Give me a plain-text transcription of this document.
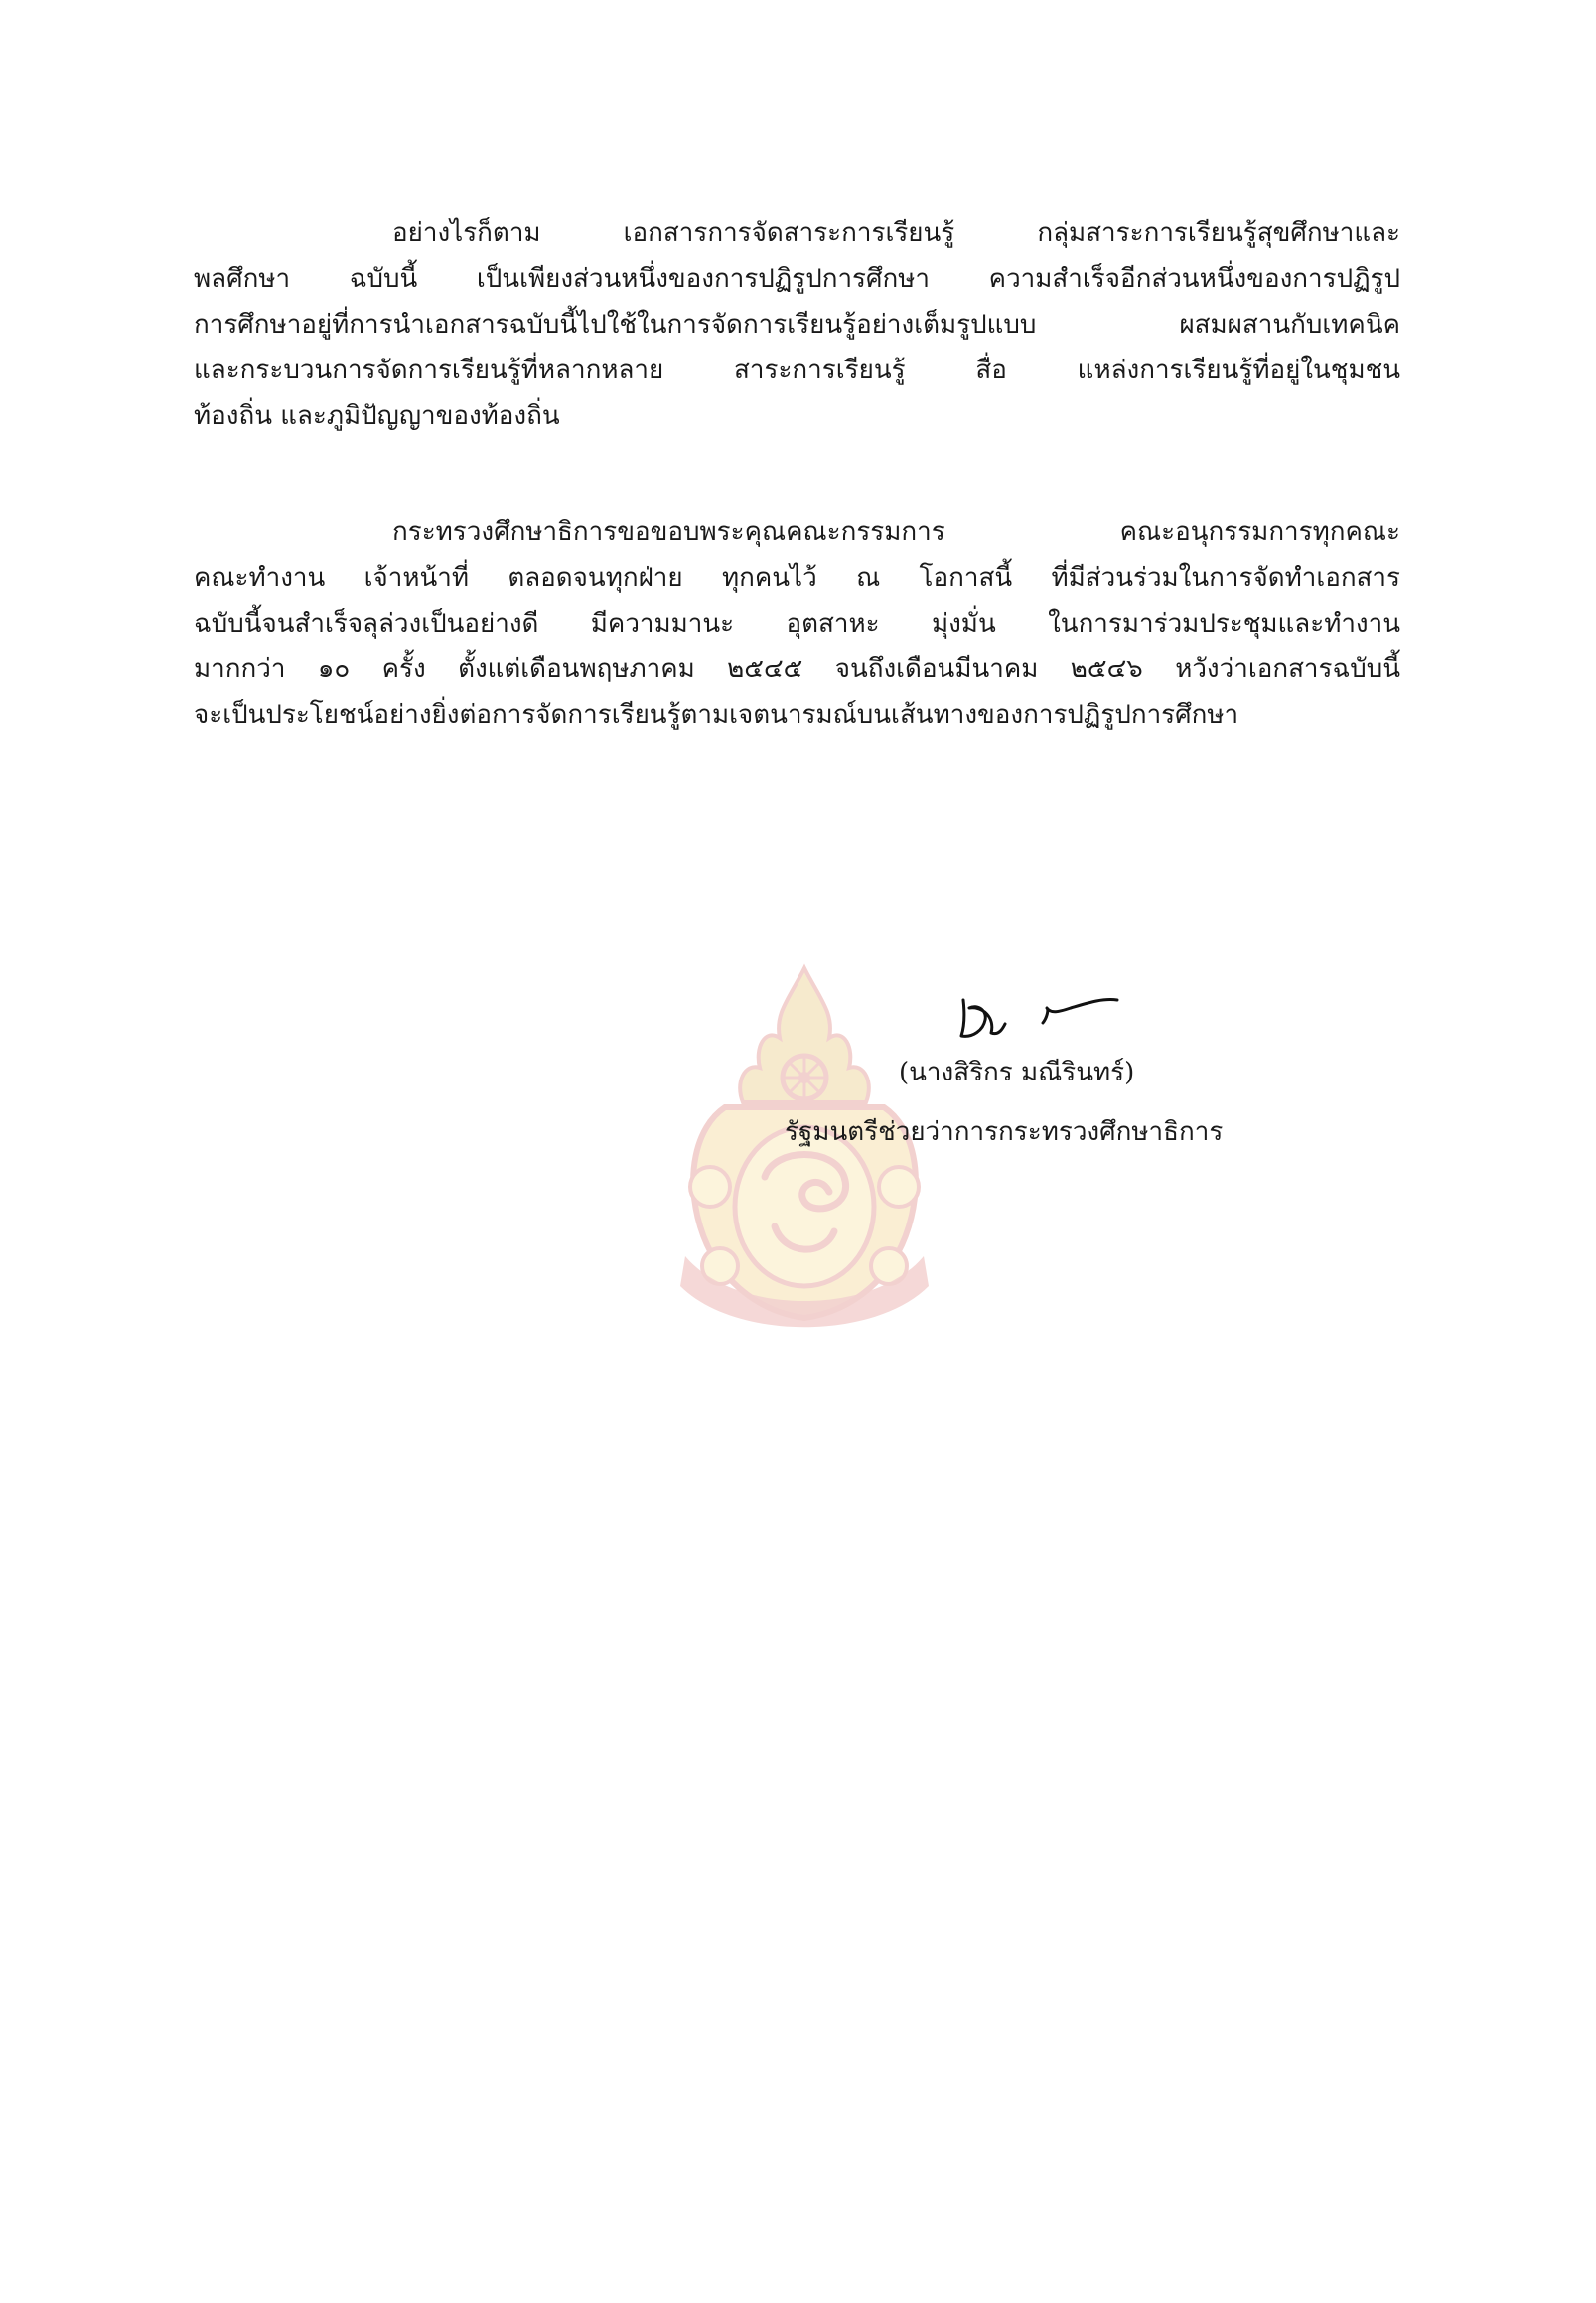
อย่างไรก็ตาม เอกสารการจัดสาระการเรียนรู้ กลุ่มสาระการเรียนรู้สุขศึกษาและ
พลศึกษา ฉบับนี้ เป็นเพียงส่วนหนึ่งของการปฏิรูปการศึกษา ความสำเร็จอีกส่วนหนึ่งของการปฏิรูป
การศึกษาอยู่ที่การนำเอกสารฉบับนี้ไปใช้ในการจัดการเรียนรู้อย่างเต็มรูปแบบ ผสมผสานกับเทคนิค
และกระบวนการจัดการเรียนรู้ที่หลากหลาย สาระการเรียนรู้ สื่อ แหล่งการเรียนรู้ที่อยู่ในชุมชน
ท้องถิ่น และภูมิปัญญาของท้องถิ่น
กระทรวงศึกษาธิการขอขอบพระคุณคณะกรรมการ คณะอนุกรรมการทุกคณะ
คณะทำงาน เจ้าหน้าที่ ตลอดจนทุกฝ่าย ทุกคนไว้ ณ โอกาสนี้ ที่มีส่วนร่วมในการจัดทำเอกสาร
ฉบับนี้จนสำเร็จลุล่วงเป็นอย่างดี มีความมานะ อุตสาหะ มุ่งมั่น ในการมาร่วมประชุมและทำงาน
มากกว่า ๑๐ ครั้ง ตั้งแต่เดือนพฤษภาคม ๒๕๔๕ จนถึงเดือนมีนาคม ๒๕๔๖ หวังว่าเอกสารฉบับนี้
จะเป็นประโยชน์อย่างยิ่งต่อการจัดการเรียนรู้ตามเจตนารมณ์บนเส้นทางของการปฏิรูปการศึกษา
(นางสิริกร มณีรินทร์)
รัฐมนตรีช่วยว่าการกระทรวงศึกษาธิการ
